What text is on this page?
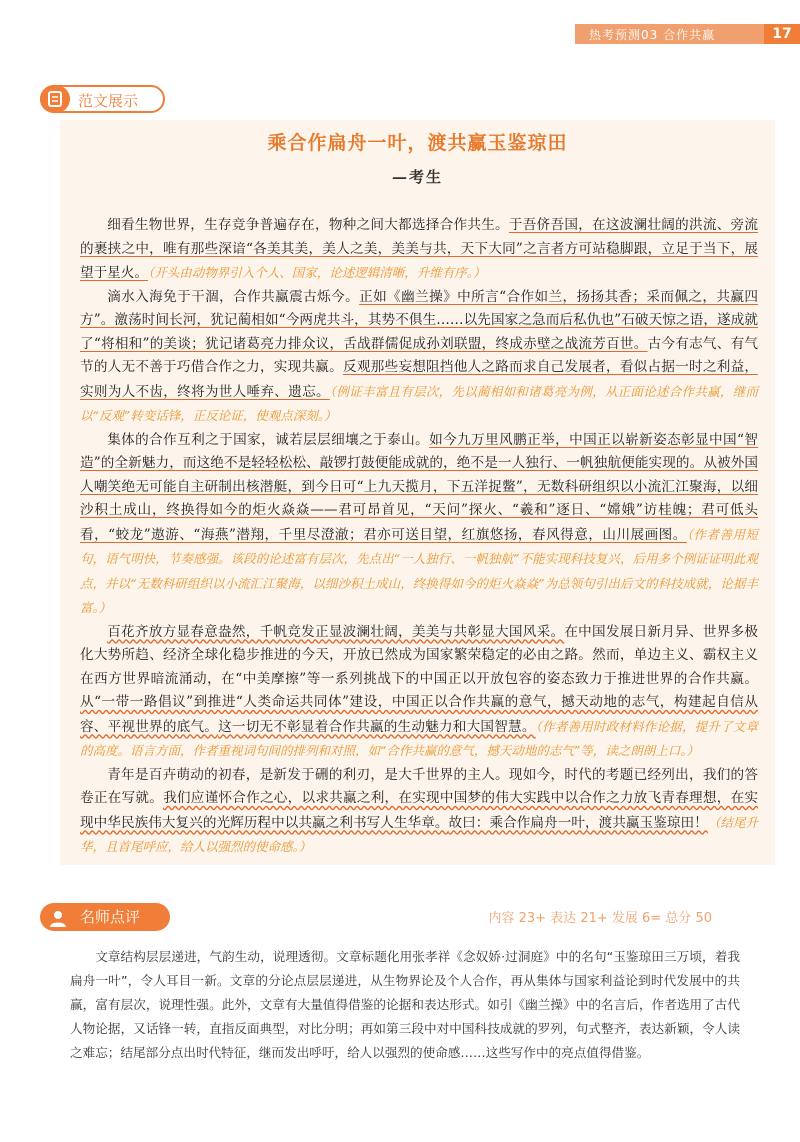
热考预测03 合作共赢	17
范文展示
乘合作扁舟一叶，渡共赢玉鉴琼田
—考生

细看生物世界，生存竞争普遍存在，物种之间大都选择合作共生。于吾侪吾国，在这波澜壮阔的洪流、旁流的裹挟之中，唯有那些深谙“各美其美，美人之美，美美与共，天下大同”之言者方可站稳脚跟，立足于当下，展望于星火。（开头由动物界引入个人、国家，论述逻辑清晰，升维有序。）

滴水入海免于干涸，合作共赢震古烁今。正如《幽兰操》中所言“合作如兰，扬扬其香；采而佩之，共赢四方”。激荡时间长河，犹记蔺相如“今两虎共斗，其势不俱生……以先国家之急而后私仇也”石破天惊之语，遂成就了“将相和”的美谈；犹记诸葛亮力排众议，舌战群儒促成孙刘联盟，终成赤壁之战流芳百世。古今有志气、有气节的人无不善于巧借合作之力，实现共赢。反观那些妄想阻挡他人之路而求自己发展者，看似占据一时之利益，实则为人不齿，终将为世人唾弃、遗忘。（例证丰富且有层次，先以蔺相如和诸葛亮为例，从正面论述合作共赢，继而以“反观”转变话锋，正反论证，使观点深刻。）

集体的合作互利之于国家，诚若层层细壤之于泰山。如今九万里风鹏正举，中国正以崭新姿态彰显中国“智造”的全新魅力，而这绝不是轻轻松松、敲锣打鼓便能成就的，绝不是一人独行、一帆独航便能实现的。从被外国人嘲笑绝无可能自主研制出核潜艇，到今日可“上九天揽月，下五洋捉鳖”，无数科研组织以小流汇江聚海，以细沙积土成山，终换得如今的炬火焱焱——君可昂首见，“天问”探火、“羲和”逐日、“嫦娥”访桂魄；君可低头看，“蛟龙”遨游、“海燕”潜翔，千里尽澄澈；君亦可送目望，红旗悠扬，春风得意，山川展画图。（作者善用短句，语气明快，节奏感强。该段的论述富有层次，先点出“一人独行、一帆独航”不能实现科技复兴，后用多个例证证明此观点，并以“无数科研组织以小流汇江聚海，以细沙积土成山，终换得如今的炬火焱焱”为总领句引出后文的科技成就，论据丰富。）

百花齐放方显春意盎然，千帆竞发正显波澜壮阔，美美与共彰显大国风采。在中国发展日新月异、世界多极化大势所趋、经济全球化稳步推进的今天，开放已然成为国家繁荣稳定的必由之路。然而，单边主义、霸权主义在西方世界暗流涌动，在“中美摩擦”等一系列挑战下的中国正以开放包容的姿态致力于推进世界的合作共赢。从“一带一路倡议”到推进“人类命运共同体”建设，中国正以合作共赢的意气，撼天动地的志气，构建起自信从容、平视世界的底气。这一切无不彰显着合作共赢的生动魅力和大国智慧。（作者善用时政材料作论据，提升了文章的高度。语言方面，作者重视词句间的排列和对照，如“合作共赢的意气，撼天动地的志气”等，读之朗朗上口。）

青年是百卉萌动的初春，是新发于硎的利刃，是大千世界的主人。现如今，时代的考题已经列出，我们的答卷正在写就。我们应谨怀合作之心，以求共赢之利，在实现中国梦的伟大实践中以合作之力放飞青春理想，在实现中华民族伟大复兴的光辉历程中以共赢之利书写人生华章。故曰：乘合作扁舟一叶，渡共赢玉鉴琼田！（结尾升华，且首尾呼应，给人以强烈的使命感。）

名师点评	内容 23+ 表达 21+ 发展 6= 总分 50

文章结构层层递进，气韵生动，说理透彻。文章标题化用张孝祥《念奴娇·过洞庭》中的名句“玉鉴琼田三万顷，着我扁舟一叶”，令人耳目一新。文章的分论点层层递进，从生物界论及个人合作，再从集体与国家利益论到时代发展中的共赢，富有层次，说理性强。此外，文章有大量值得借鉴的论据和表达形式。如引《幽兰操》中的名言后，作者选用了古代人物论据，又话锋一转，直指反面典型，对比分明；再如第三段中对中国科技成就的罗列，句式整齐，表达新颖，令人读之难忘；结尾部分点出时代特征，继而发出呼吁，给人以强烈的使命感……这些写作中的亮点值得借鉴。
